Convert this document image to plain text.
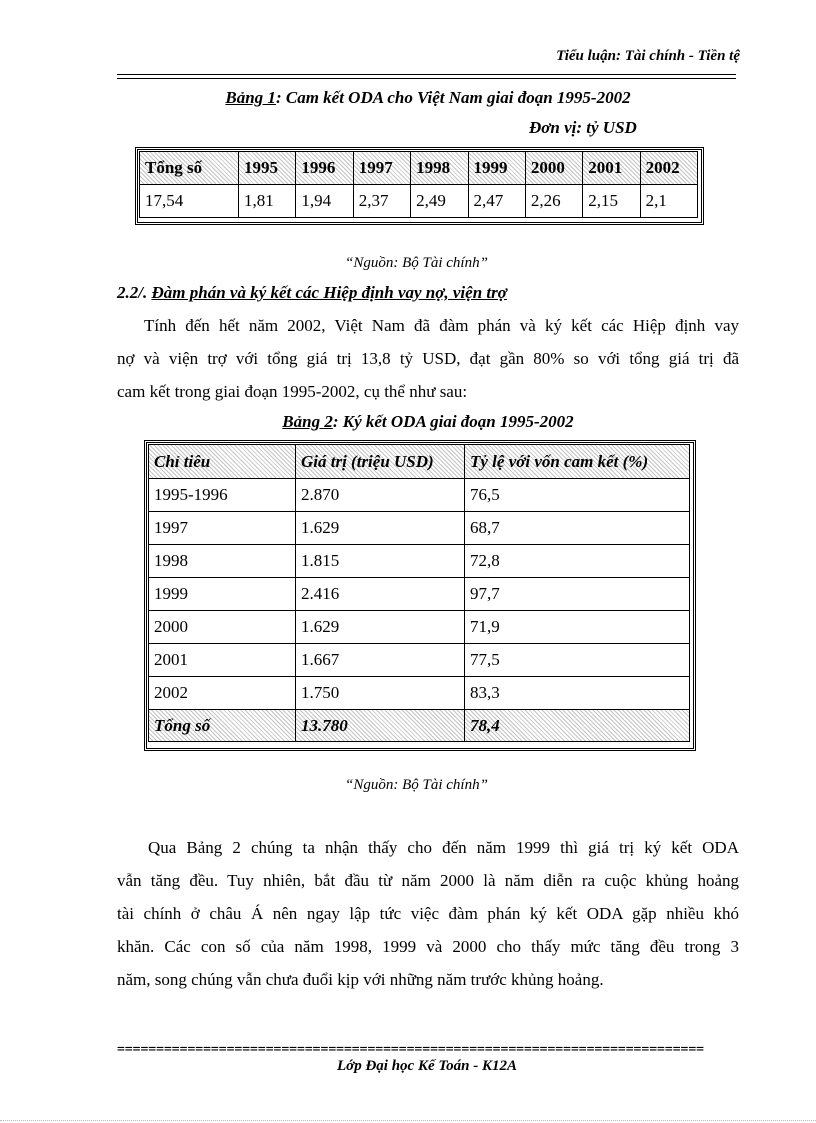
Tiểu luận: Tài chính - Tiền tệ
Bảng 1: Cam kết ODA cho Việt Nam giai đoạn 1995-2002
Đơn vị: tỷ USD
Tổng số	1995	1996	1997	1998	1999	2000	2001	2002
17,54	1,81	1,94	2,37	2,49	2,47	2,26	2,15	2,1
“Nguồn: Bộ Tài chính”
2.2/. Đàm phán và ký kết các Hiệp định vay nợ, viện trợ
Tính đến hết năm 2002, Việt Nam đã đàm phán và ký kết các Hiệp định vay
nợ và viện trợ với tổng giá trị 13,8 tỷ USD, đạt gần 80% so với tổng giá trị đã
cam kết trong giai đoạn 1995-2002, cụ thể như sau:
Bảng 2: Ký kết ODA giai đoạn 1995-2002
Chỉ tiêu	Giá trị (triệu USD)	Tỷ lệ với vốn cam kết (%)
1995-1996	2.870	76,5
1997	1.629	68,7
1998	1.815	72,8
1999	2.416	97,7
2000	1.629	71,9
2001	1.667	77,5
2002	1.750	83,3
Tổng số	13.780	78,4
“Nguồn: Bộ Tài chính”
Qua Bảng 2 chúng ta nhận thấy cho đến năm 1999 thì giá trị ký kết ODA
vẫn tăng đều. Tuy nhiên, bắt đầu từ năm 2000 là năm diễn ra cuộc khủng hoảng
tài chính ở châu Á nên ngay lập tức việc đàm phán ký kết ODA gặp nhiều khó
khăn. Các con số của năm 1998, 1999 và 2000 cho thấy mức tăng đều trong 3
năm, song chúng vẫn chưa đuổi kịp với những năm trước khủng hoảng.
===========================================================================
Lớp Đại học Kế Toán - K12A
